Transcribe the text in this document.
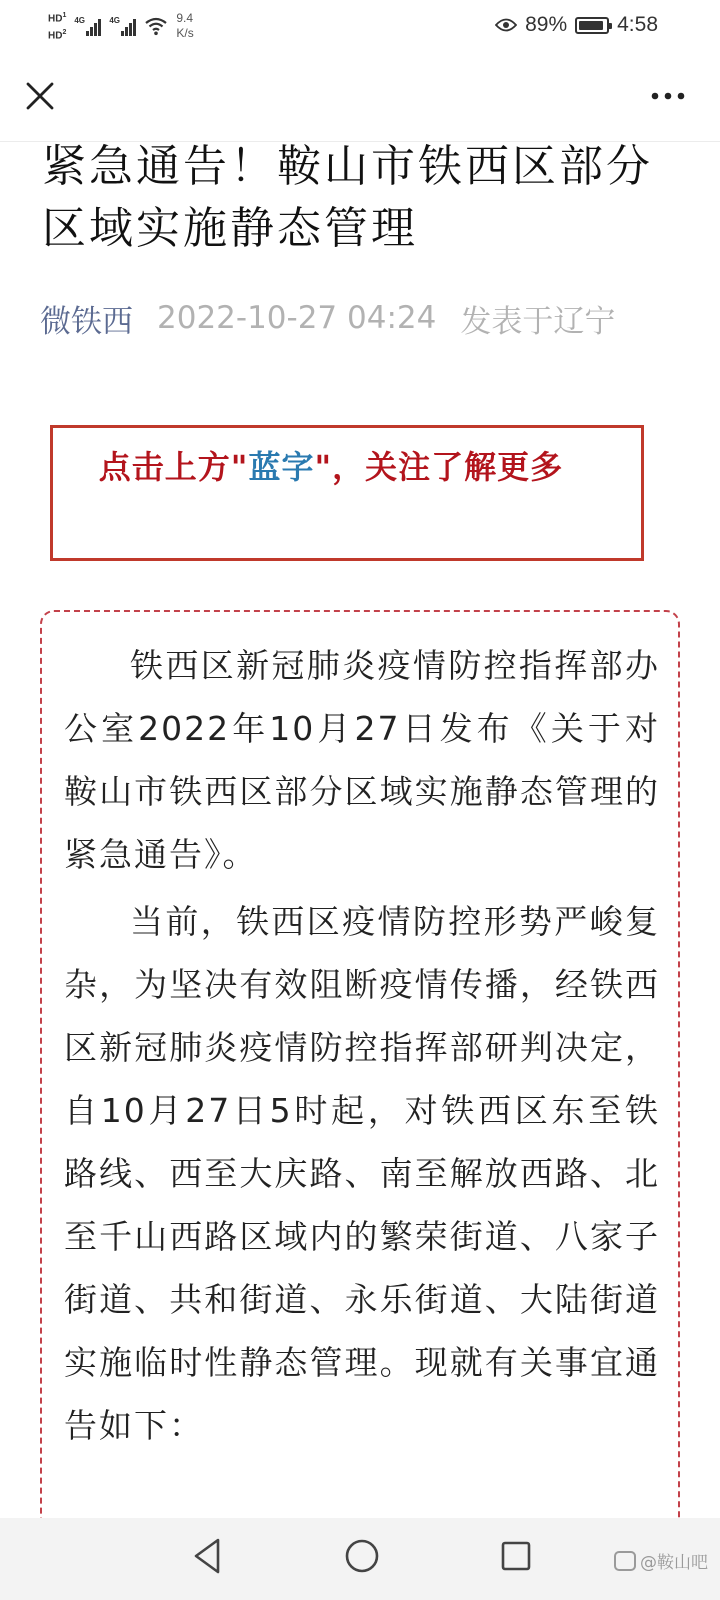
$HD^1$
$HD^2$
4G	4G	9.4
K/s	89% 4:58
紧急通告！鞍山市铁西区部分区域实施静态管理
微铁西 2022-10-27 04:24 发表于辽宁
点击上方"蓝字"，关注了解更多

铁西区新冠肺炎疫情防控指挥部办公室2022年10月27日发布《关于对鞍山市铁西区部分区域实施静态管理的紧急通告》。

当前，铁西区疫情防控形势严峻复杂，为坚决有效阻断疫情传播，经铁西区新冠肺炎疫情防控指挥部研判决定，自10月27日5时起，对铁西区东至铁路线、西至大庆路、南至解放西路、北至千山西路区域内的繁荣街道、八家子街道、共和街道、永乐街道、大陆街道实施临时性静态管理。现就有关事宜通告如下：

@鞍山吧
